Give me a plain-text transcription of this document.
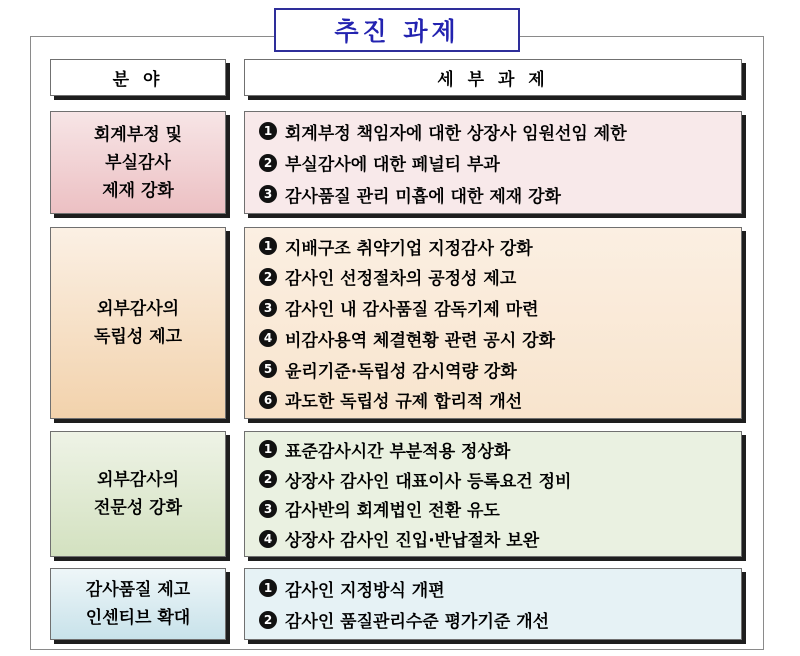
추진 과제
분 야	세 부 과 제
회계부정 및
부실감사
제재 강화
1 회계부정 책임자에 대한 상장사 임원선임 제한
2 부실감사에 대한 페널티 부과
3 감사품질 관리 미흡에 대한 제재 강화
외부감사의
독립성 제고
1 지배구조 취약기업 지정감사 강화
2 감사인 선정절차의 공정성 제고
3 감사인 내 감사품질 감독기제 마련
4 비감사용역 체결현황 관련 공시 강화
5 윤리기준·독립성 감시역량 강화
6 과도한 독립성 규제 합리적 개선
외부감사의
전문성 강화
1 표준감사시간 부분적용 정상화
2 상장사 감사인 대표이사 등록요건 정비
3 감사반의 회계법인 전환 유도
4 상장사 감사인 진입·반납절차 보완
감사품질 제고
인센티브 확대
1 감사인 지정방식 개편
2 감사인 품질관리수준 평가기준 개선
